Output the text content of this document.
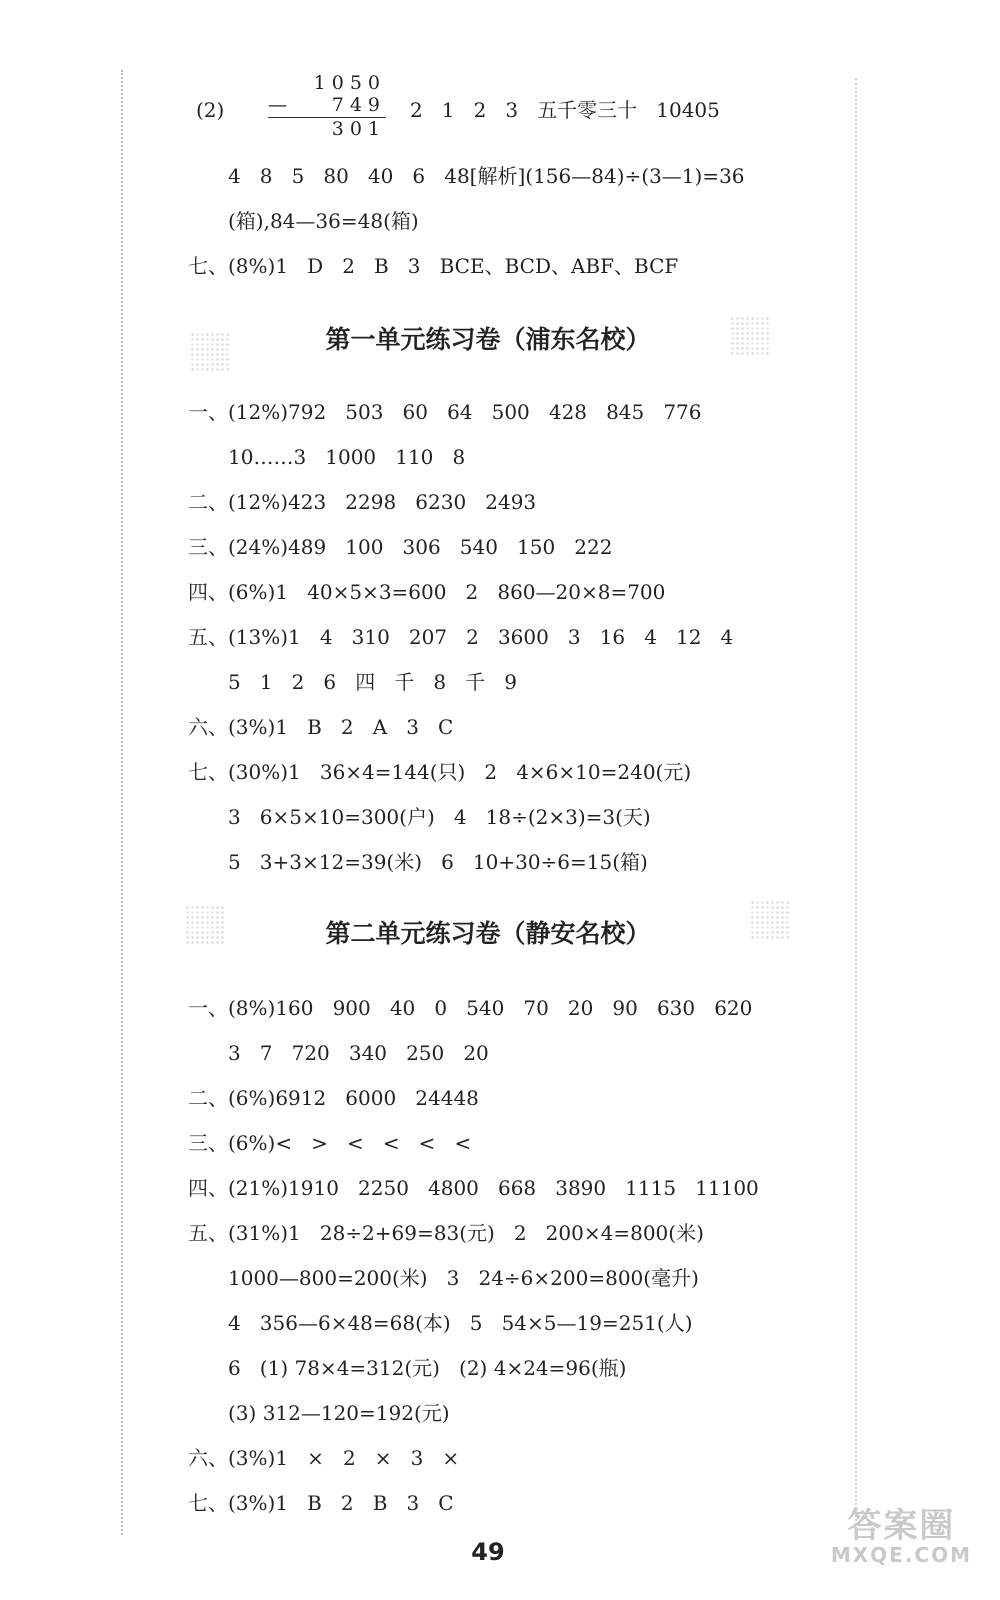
(2)
1050
— 749
301
2   1   2   3   五千零三十   10405
4   8   5   80   40   6   48[解析](156—84)÷(3—1)=36
(箱),84—36=48(箱)
七、(8%)1   D   2   B   3   BCE、BCD、ABF、BCF
第一单元练习卷（浦东名校）
一、(12%)792   503   60   64   500   428   845   776
10……3   1000   110   8
二、(12%)423   2298   6230   2493
三、(24%)489   100   306   540   150   222
四、(6%)1   40×5×3=600   2   860—20×8=700
五、(13%)1   4   310   207   2   3600   3   16   4   12   4
5   1   2   6   四   千   8   千   9
六、(3%)1   B   2   A   3   C
七、(30%)1   36×4=144(只)   2   4×6×10=240(元)
3   6×5×10=300(户)   4   18÷(2×3)=3(天)
5   3+3×12=39(米)   6   10+30÷6=15(箱)
第二单元练习卷（静安名校）
一、(8%)160   900   40   0   540   70   20   90   630   620
3   7   720   340   250   20
二、(6%)6912   6000   24448
三、(6%)<   >   <   <   <   <
四、(21%)1910   2250   4800   668   3890   1115   11100
五、(31%)1   28÷2+69=83(元)   2   200×4=800(米)
1000—800=200(米)   3   24÷6×200=800(毫升)
4   356—6×48=68(本)   5   54×5—19=251(人)
6   (1) 78×4=312(元)   (2) 4×24=96(瓶)
(3) 312—120=192(元)
六、(3%)1   ×   2   ×   3   ×
七、(3%)1   B   2   B   3   C
49
答案圈
MXQE.COM
